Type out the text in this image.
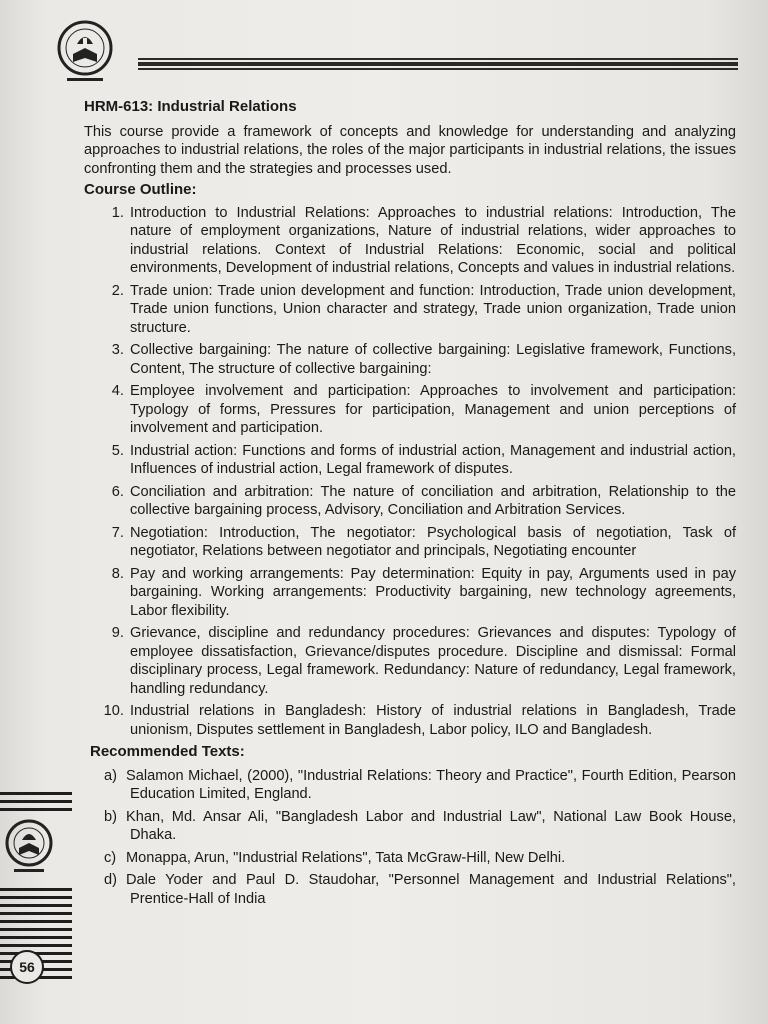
HRM-613: Industrial Relations

This course provide a framework of concepts and knowledge for understanding and analyzing approaches to industrial relations, the roles of the major participants in industrial relations, the issues confronting them and the strategies and processes used.

Course Outline:
1. Introduction to Industrial Relations: Approaches to industrial relations: Introduction, The nature of employment organizations, Nature of industrial relations, wider approaches to industrial relations. Context of Industrial Relations: Economic, social and political environments, Development of industrial relations, Concepts and values in industrial relations.
2. Trade union: Trade union development and function: Introduction, Trade union development, Trade union functions, Union character and strategy, Trade union organization, Trade union structure.
3. Collective bargaining: The nature of collective bargaining: Legislative framework, Functions, Content, The structure of collective bargaining:
4. Employee involvement and participation: Approaches to involvement and participation: Typology of forms, Pressures for participation, Management and union perceptions of involvement and participation.
5. Industrial action: Functions and forms of industrial action, Management and industrial action, Influences of industrial action, Legal framework of disputes.
6. Conciliation and arbitration: The nature of conciliation and arbitration, Relationship to the collective bargaining process, Advisory, Conciliation and Arbitration Services.
7. Negotiation: Introduction, The negotiator: Psychological basis of negotiation, Task of negotiator, Relations between negotiator and principals, Negotiating encounter
8. Pay and working arrangements: Pay determination: Equity in pay, Arguments used in pay bargaining. Working arrangements: Productivity bargaining, new technology agreements, Labor flexibility.
9. Grievance, discipline and redundancy procedures: Grievances and disputes: Typology of employee dissatisfaction, Grievance/disputes procedure. Discipline and dismissal: Formal disciplinary process, Legal framework. Redundancy: Nature of redundancy, Legal framework, handling redundancy.
10. Industrial relations in Bangladesh: History of industrial relations in Bangladesh, Trade unionism, Disputes settlement in Bangladesh, Labor policy, ILO and Bangladesh.
Recommended Texts:
a) Salamon Michael, (2000), "Industrial Relations: Theory and Practice", Fourth Edition, Pearson Education Limited, England.
b) Khan, Md. Ansar Ali, "Bangladesh Labor and Industrial Law", National Law Book House, Dhaka.
c) Monappa, Arun, "Industrial Relations", Tata McGraw-Hill, New Delhi.
d) Dale Yoder and Paul D. Staudohar, "Personnel Management and Industrial Relations", Prentice-Hall of India
56
